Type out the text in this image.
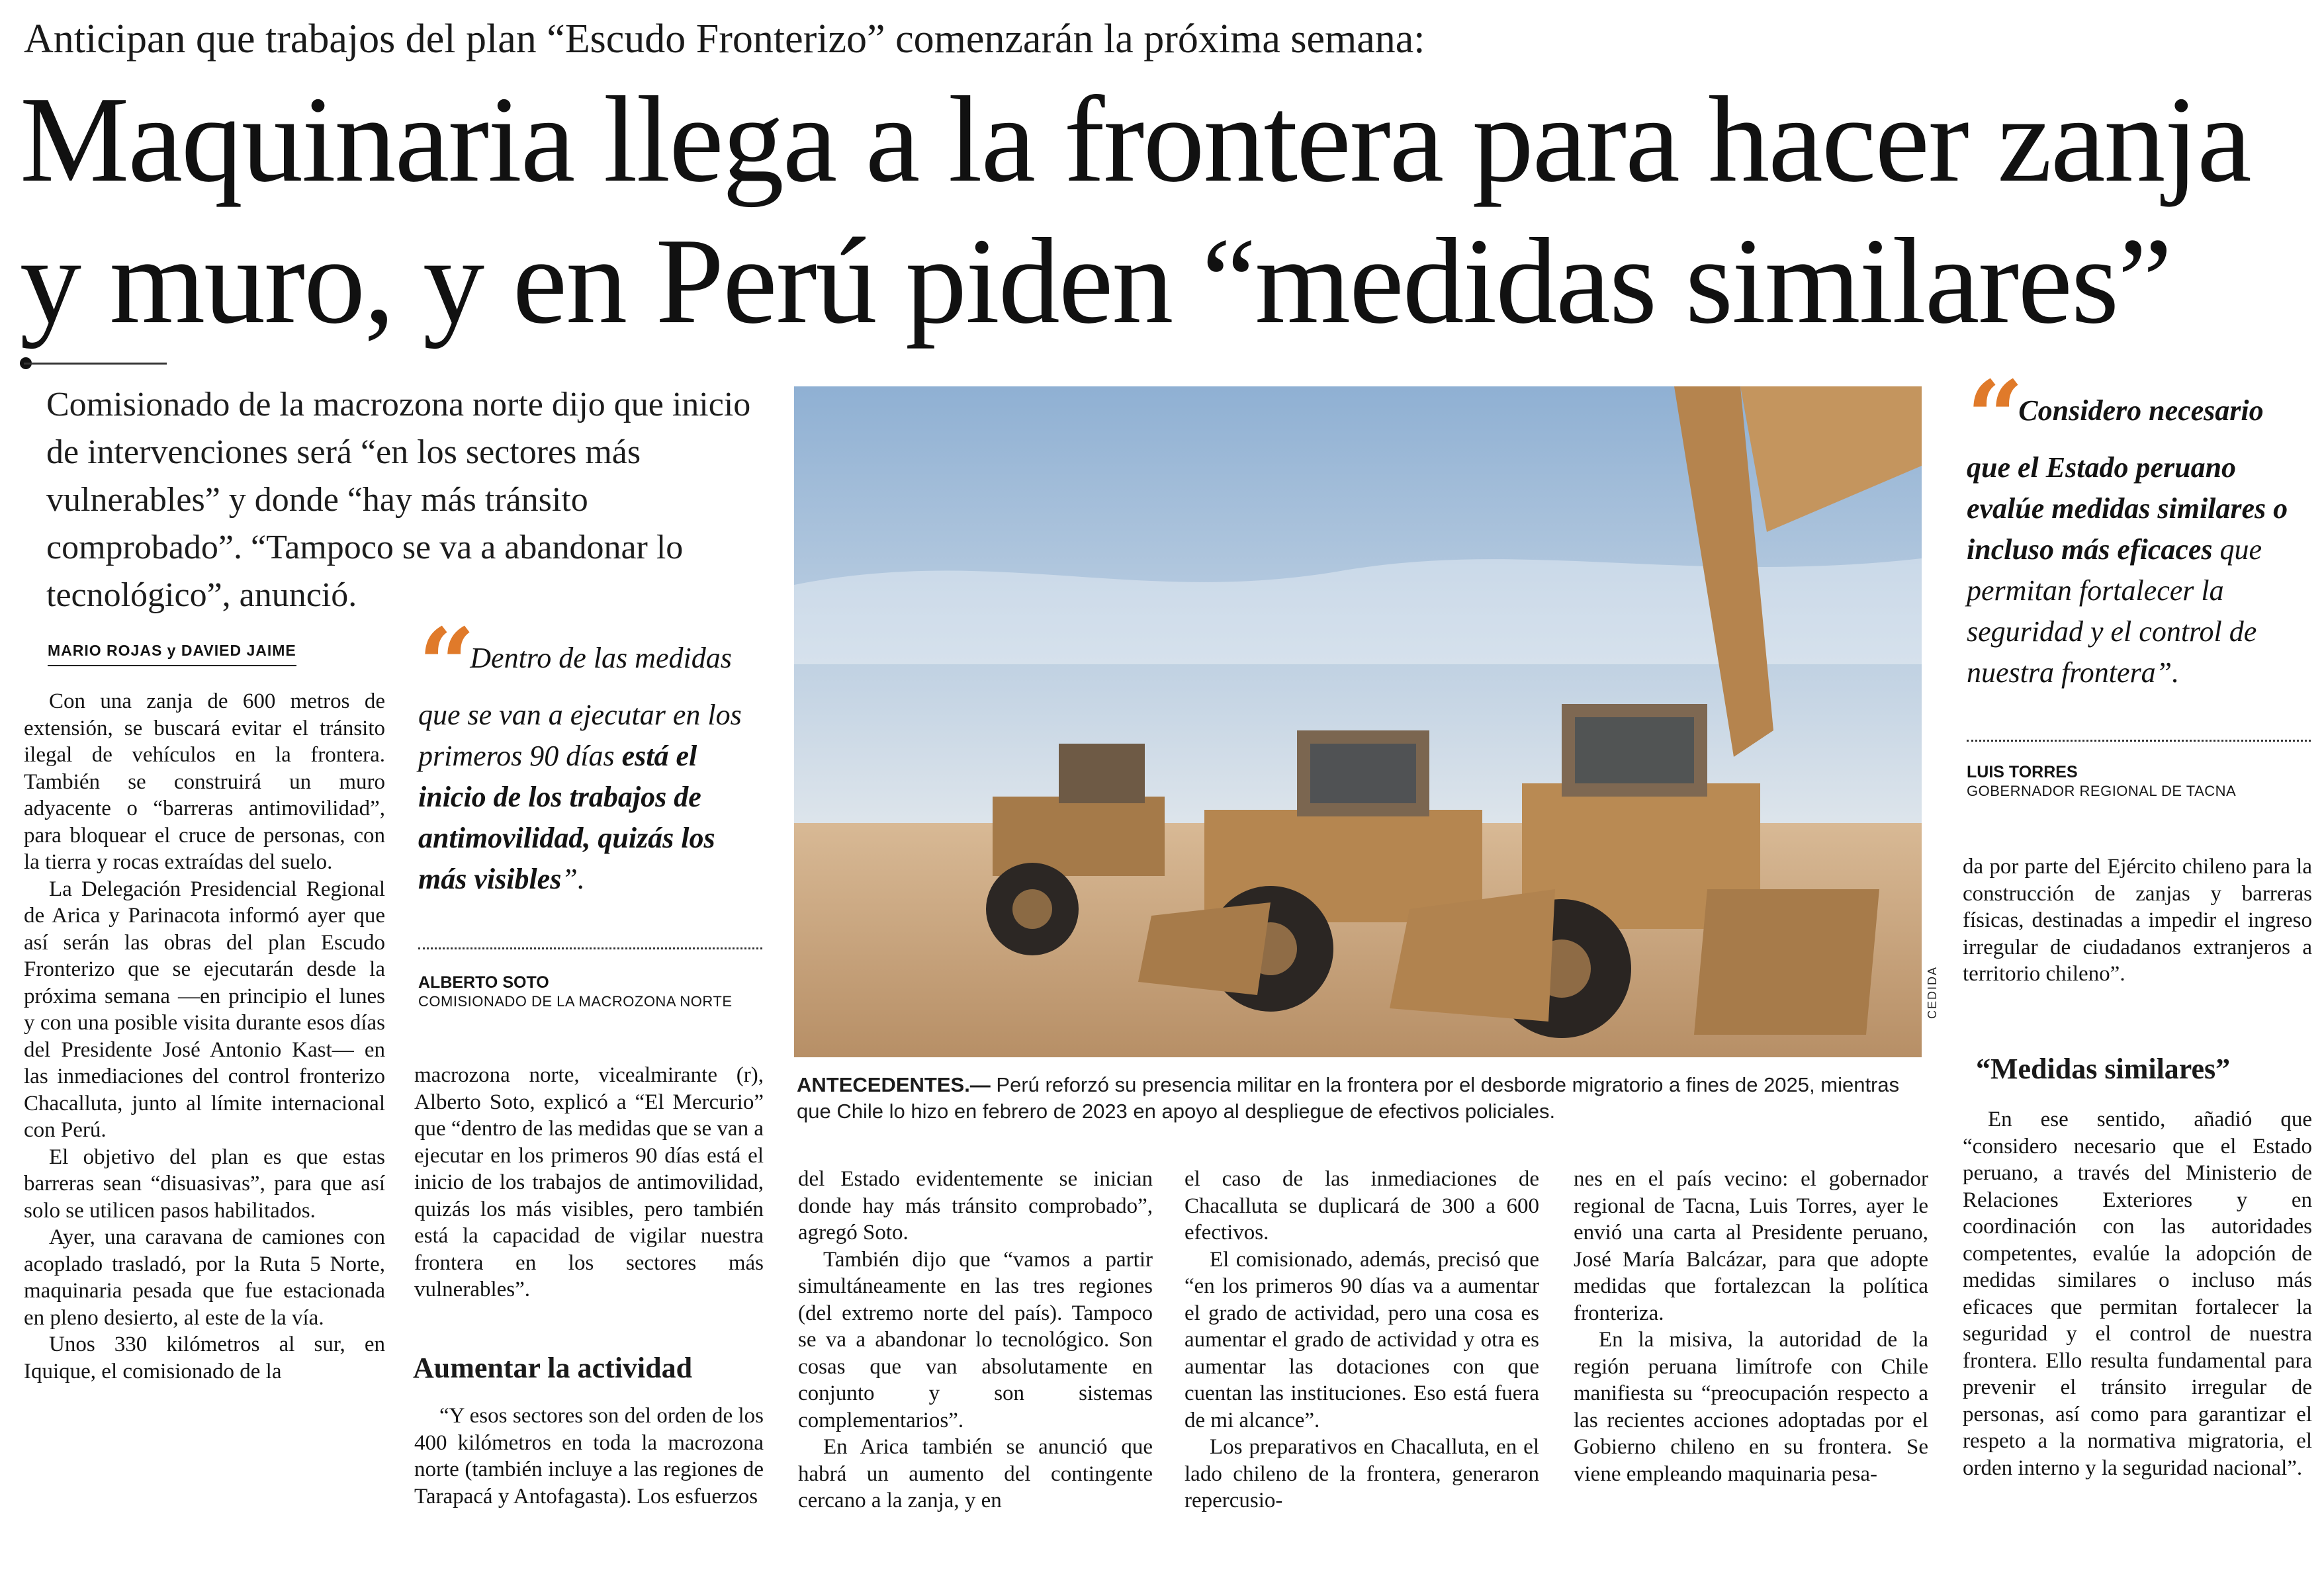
Anticipan que trabajos del plan “Escudo Fronterizo” comenzarán la próxima semana:
Maquinaria llega a la frontera para hacer zanja y muro, y en Perú piden “medidas similares”
Comisionado de la macrozona norte dijo que inicio de intervenciones será “en los sectores más vulnerables” y donde “hay más tránsito comprobado”. “Tampoco se va a abandonar lo tecnológico”, anunció.
MARIO ROJAS y DAVIED JAIME

Con una zanja de 600 metros de extensión, se buscará evitar el tránsito ilegal de vehículos en la frontera. También se construirá un muro adyacente o “barreras antimovilidad”, para bloquear el cruce de personas, con la tierra y rocas extraídas del suelo.

La Delegación Presidencial Regional de Arica y Parinacota informó ayer que así serán las obras del plan Escudo Fronterizo que se ejecutarán desde la próxima semana —en principio el lunes y con una posible visita durante esos días del Presidente José Antonio Kast— en las inmediaciones del control fronterizo Chacalluta, junto al límite internacional con Perú.

El objetivo del plan es que estas barreras sean “disuasivas”, para que así solo se utilicen pasos habilitados.

Ayer, una caravana de camiones con acoplado trasladó, por la Ruta 5 Norte, maquinaria pesada que fue estacionada en pleno desierto, al este de la vía.

Unos 330 kilómetros al sur, en Iquique, el comisionado de la

“ Dentro de las medidas que se van a ejecutar en los primeros 90 días está el inicio de los trabajos de antimovilidad, quizás los más visibles”.
ALBERTO SOTO
COMISIONADO DE LA MACROZONA NORTE

macrozona norte, vicealmirante (r), Alberto Soto, explicó a “El Mercurio” que “dentro de las medidas que se van a ejecutar en los primeros 90 días está el inicio de los trabajos de antimovilidad, quizás los más visibles, pero también está la capacidad de vigilar nuestra frontera en los sectores más vulnerables”.

Aumentar la actividad

“Y esos sectores son del orden de los 400 kilómetros en toda la macrozona norte (también incluye a las regiones de Tarapacá y Antofagasta). Los esfuerzos

CEDIDA
ANTECEDENTES.— Perú reforzó su presencia militar en la frontera por el desborde migratorio a fines de 2025, mientras que Chile lo hizo en febrero de 2023 en apoyo al despliegue de efectivos policiales.

del Estado evidentemente se inician donde hay más tránsito comprobado”, agregó Soto.

También dijo que “vamos a partir simultáneamente en las tres regiones (del extremo norte del país). Tampoco se va a abandonar lo tecnológico. Son cosas que van absolutamente en conjunto y son sistemas complementarios”.

En Arica también se anunció que habrá un aumento del contingente cercano a la zanja, y en

el caso de las inmediaciones de Chacalluta se duplicará de 300 a 600 efectivos.

El comisionado, además, precisó que “en los primeros 90 días va a aumentar el grado de actividad, pero una cosa es aumentar el grado de actividad y otra es aumentar las dotaciones con que cuentan las instituciones. Eso está fuera de mi alcance”.

Los preparativos en Chacalluta, en el lado chileno de la frontera, generaron repercusio-

nes en el país vecino: el gobernador regional de Tacna, Luis Torres, ayer le envió una carta al Presidente peruano, José María Balcázar, para que adopte medidas que fortalezcan la política fronteriza.

En la misiva, la autoridad de la región peruana limítrofe con Chile manifiesta su “preocupación respecto a las recientes acciones adoptadas por el Gobierno chileno en su frontera. Se viene empleando maquinaria pesa-

“ Considero necesario que el Estado peruano evalúe medidas similares o incluso más eficaces que permitan fortalecer la seguridad y el control de nuestra frontera”.
LUIS TORRES
GOBERNADOR REGIONAL DE TACNA

da por parte del Ejército chileno para la construcción de zanjas y barreras físicas, destinadas a impedir el ingreso irregular de ciudadanos extranjeros a territorio chileno”.

“Medidas similares”

En ese sentido, añadió que “considero necesario que el Estado peruano, a través del Ministerio de Relaciones Exteriores y en coordinación con las autoridades competentes, evalúe la adopción de medidas similares o incluso más eficaces que permitan fortalecer la seguridad y el control de nuestra frontera. Ello resulta fundamental para prevenir el tránsito irregular de personas, así como para garantizar el respeto a la normativa migratoria, el orden interno y la seguridad nacional”.
